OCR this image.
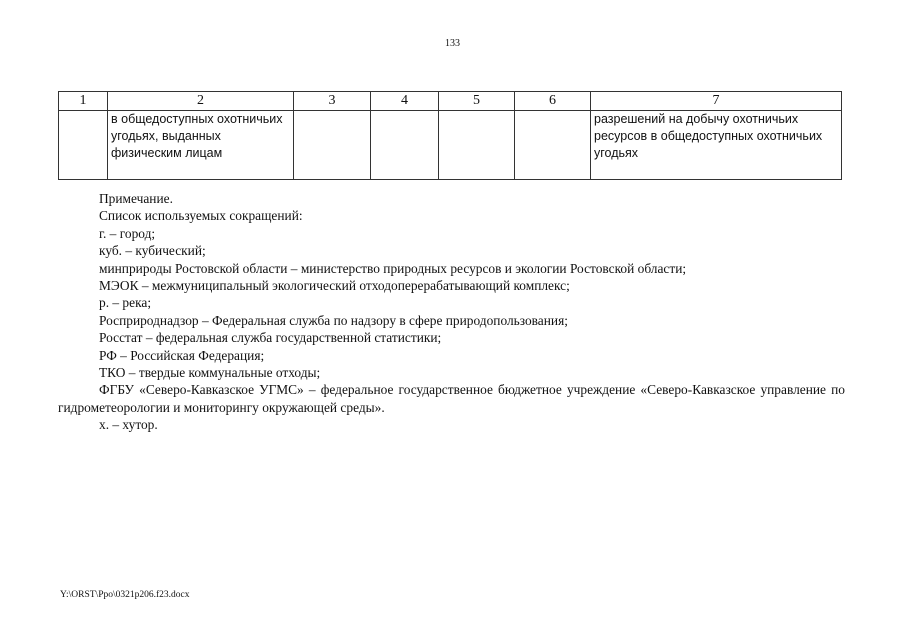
133
1	2	3	4	5	6	7
	в общедоступных охотничьих угодьях, выданных физическим лицам					разрешений на добычу охотничьих ресурсов в общедоступных охотничьих угодьях

Примечание.

Список используемых сокращений:

г. – город;

куб. – кубический;

минприроды Ростовской области – министерство природных ресурсов и экологии Ростовской области;

МЭОК – межмуниципальный экологический отходоперерабатывающий комплекс;

р. – река;

Росприроднадзор – Федеральная служба по надзору в сфере природопользования;

Росстат – федеральная служба государственной статистики;

РФ – Российская Федерация;

ТКО – твердые коммунальные отходы;

ФГБУ «Северо-Кавказское УГМС» – федеральное государственное бюджетное учреждение «Северо-Кавказское управление по гидрометеорологии и мониторингу окружающей среды».

х. – хутор.

Y:\ORST\Ppo\0321p206.f23.docx
